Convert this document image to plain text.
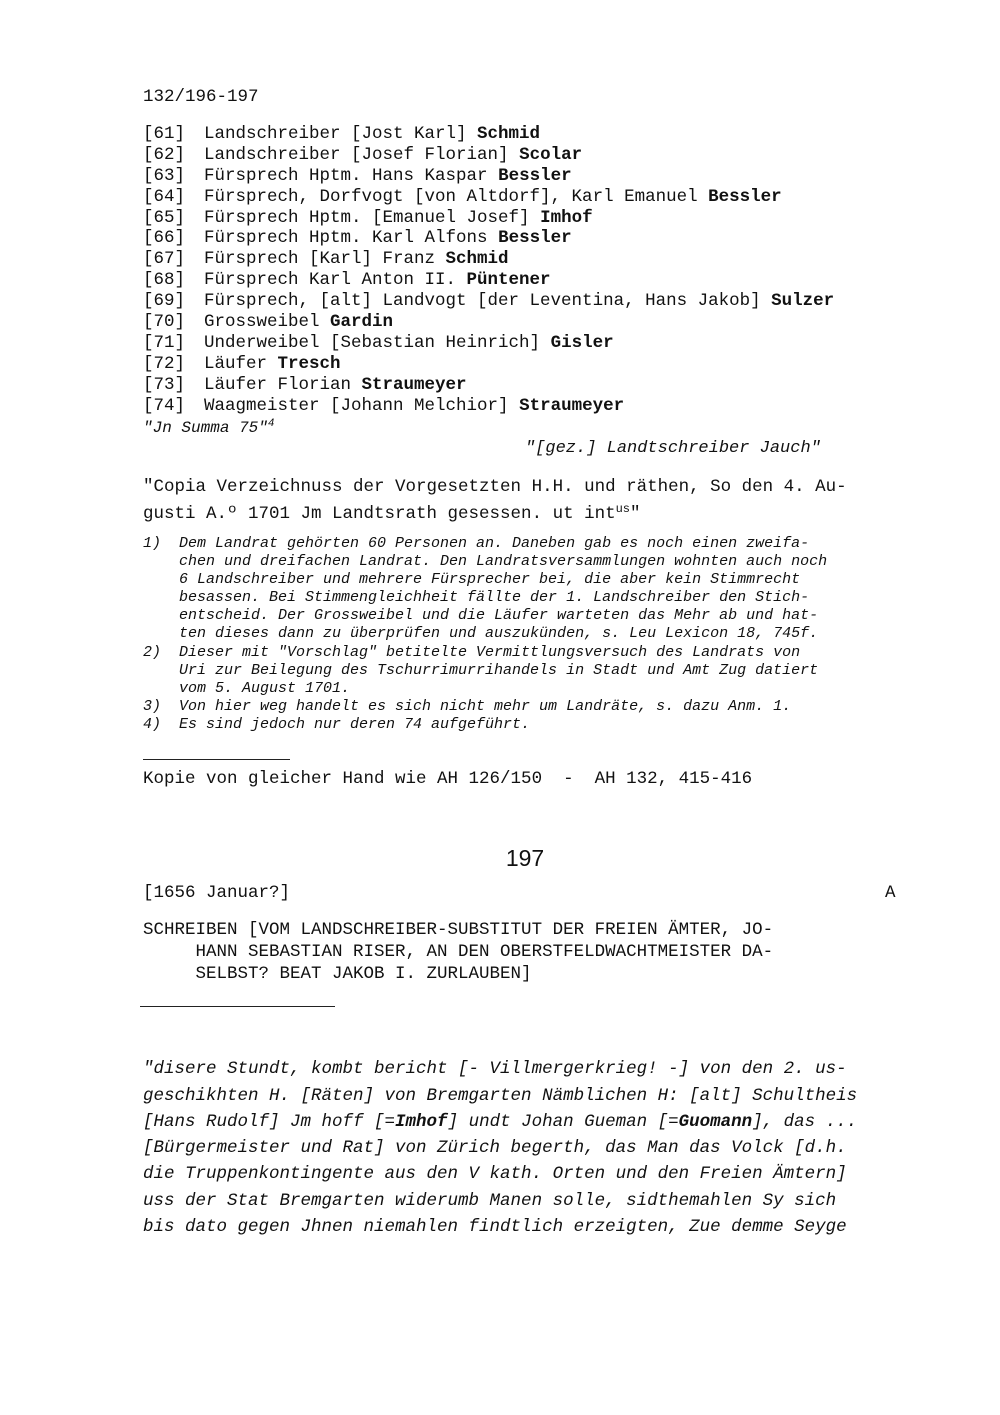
132/196-197
[61] Landschreiber [Jost Karl] Schmid
[62] Landschreiber [Josef Florian] Scolar
[63] Fürsprech Hptm. Hans Kaspar Bessler
[64] Fürsprech, Dorfvogt [von Altdorf], Karl Emanuel Bessler
[65] Fürsprech Hptm. [Emanuel Josef] Imhof
[66] Fürsprech Hptm. Karl Alfons Bessler
[67] Fürsprech [Karl] Franz Schmid
[68] Fürsprech Karl Anton II. Püntener
[69] Fürsprech, [alt] Landvogt [der Leventina, Hans Jakob] Sulzer
[70] Grossweibel Gardin
[71] Underweibel [Sebastian Heinrich] Gisler
[72] Läufer Tresch
[73] Läufer Florian Straumeyer
[74] Waagmeister [Johann Melchior] Straumeyer
"Jn Summa 75"$^4$
"[gez.] Landtschreiber Jauch"
"Copia Verzeichnuss der Vorgesetzten H.H. und räthen, So den 4. Au-
gusti A.º 1701 Jm Landtsrath gesessen. ut int$^{us}$"
1)	Dem Landrat gehörten 60 Personen an. Daneben gab es noch einen zweifa-
chen und dreifachen Landrat. Den Landratsversammlungen wohnten auch noch
6 Landschreiber und mehrere Fürsprecher bei, die aber kein Stimmrecht
besassen. Bei Stimmengleichheit fällte der 1. Landschreiber den Stich-
entscheid. Der Grossweibel und die Läufer warteten das Mehr ab und hat-
ten dieses dann zu überprüfen und auszukünden, s. Leu Lexicon 18, 745f.
2)	Dieser mit "Vorschlag" betitelte Vermittlungsversuch des Landrats von
Uri zur Beilegung des Tschurrimurrihandels in Stadt und Amt Zug datiert
vom 5. August 1701.
3)	Von hier weg handelt es sich nicht mehr um Landräte, s. dazu Anm. 1.
4)	Es sind jedoch nur deren 74 aufgeführt.
Kopie von gleicher Hand wie AH 126/150  -  AH 132, 415-416
197
[1656 Januar?]	A
SCHREIBEN [VOM LANDSCHREIBER-SUBSTITUT DER FREIEN ÄMTER, JO-
HANN SEBASTIAN RISER, AN DEN OBERSTFELDWACHTMEISTER DA-
SELBST? BEAT JAKOB I. ZURLAUBEN]

"disere Stundt, kombt bericht [- Villmergerkrieg! -] von den 2. us-
geschikhten H. [Räten] von Bremgarten Nämblichen H: [alt] Schultheis
[Hans Rudolf] Jm hoff [=Imhof] undt Johan Gueman [=Guomann], das ...
[Bürgermeister und Rat] von Zürich begerth, das Man das Volck [d.h.
die Truppenkontingente aus den V kath. Orten und den Freien Ämtern]
uss der Stat Bremgarten widerumb Manen solle, sidthemahlen Sy sich
bis dato gegen Jhnen niemahlen findtlich erzeigten, Zue demme Seyge
